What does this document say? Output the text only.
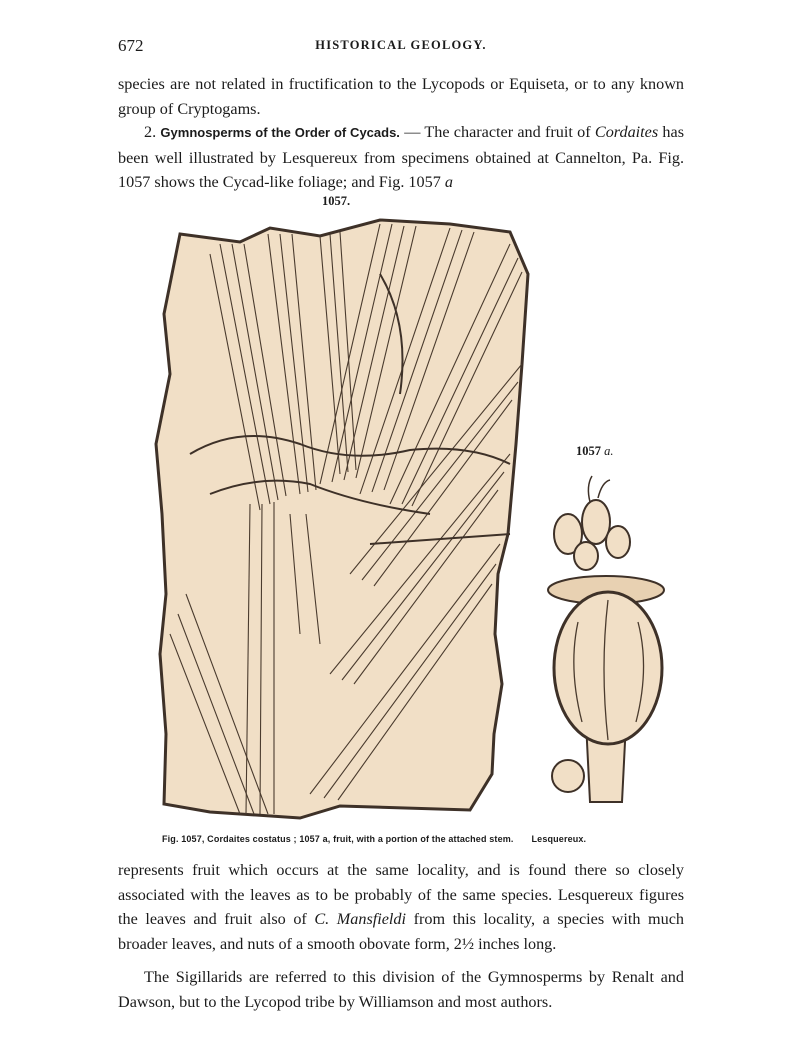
672	HISTORICAL GEOLOGY.

species are not related in fructification to the Lycopods or Equiseta, or to any known group of Cryptogams.

2. Gymnosperms of the Order of Cycads. — The character and fruit of Cordaites has been well illustrated by Lesquereux from specimens obtained at Cannelton, Pa. Fig. 1057 shows the Cycad-like foliage; and Fig. 1057 a

1057.
1057 a.
Fig. 1057, Cordaites costatus ; 1057 a, fruit, with a portion of the attached stem. Lesquereux.

represents fruit which occurs at the same locality, and is found there so closely associated with the leaves as to be probably of the same species. Lesquereux figures the leaves and fruit also of C. Mansfieldi from this locality, a species with much broader leaves, and nuts of a smooth obovate form, 2½ inches long.

The Sigillarids are referred to this division of the Gymnosperms by Renalt and Dawson, but to the Lycopod tribe by Williamson and most authors.
